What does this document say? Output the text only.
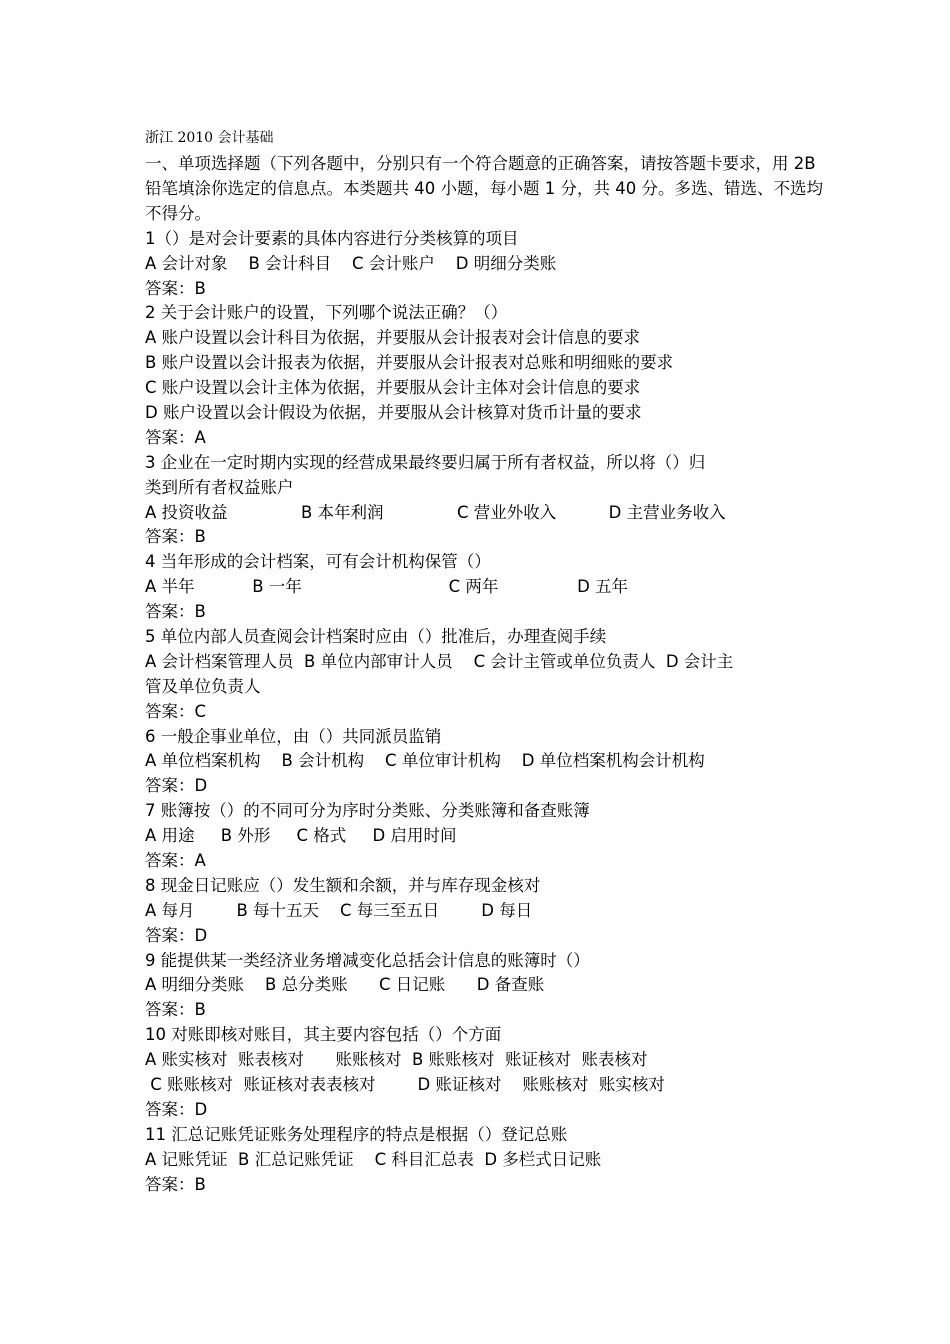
浙江 2010 会计基础
一、单项选择题（下列各题中，分别只有一个符合题意的正确答案，请按答题卡要求，用 2B 铅笔填涂你选定的信息点。本类题共 40 小题，每小题 1 分，共 40 分。多选、错选、不选均不得分。
1（）是对会计要素的具体内容进行分类核算的项目
A 会计对象    B 会计科目    C 会计账户    D 明细分类账
答案：B
2 关于会计账户的设置，下列哪个说法正确？（）
A 账户设置以会计科目为依据，并要服从会计报表对会计信息的要求
B 账户设置以会计报表为依据，并要服从会计报表对总账和明细账的要求
C 账户设置以会计主体为依据，并要服从会计主体对会计信息的要求
D 账户设置以会计假设为依据，并要服从会计核算对货币计量的要求
答案：A
3 企业在一定时期内实现的经营成果最终要归属于所有者权益，所以将（）归
类到所有者权益账户
A 投资收益              B 本年利润              C 营业外收入          D 主营业务收入
答案：B
4 当年形成的会计档案，可有会计机构保管（）
A 半年           B 一年                            C 两年               D 五年
答案：B
5 单位内部人员查阅会计档案时应由（）批准后，办理查阅手续
A 会计档案管理人员  B 单位内部审计人员    C 会计主管或单位负责人  D 会计主
管及单位负责人
答案：C
6 一般企事业单位，由（）共同派员监销
A 单位档案机构    B 会计机构    C 单位审计机构    D 单位档案机构会计机构
答案：D
7 账簿按（）的不同可分为序时分类账、分类账簿和备查账簿
A 用途     B 外形     C 格式     D 启用时间
答案：A
8 现金日记账应（）发生额和余额，并与库存现金核对
A 每月        B 每十五天    C 每三至五日        D 每日
答案：D
9 能提供某一类经济业务增减变化总括会计信息的账簿时（）
A 明细分类账    B 总分类账      C 日记账      D 备查账
答案：B
10 对账即核对账目，其主要内容包括（）个方面
A 账实核对  账表核对      账账核对  B 账账核对  账证核对  账表核对
C 账账核对  账证核对表表核对        D 账证核对    账账核对  账实核对
答案：D
11 汇总记账凭证账务处理程序的特点是根据（）登记总账
A 记账凭证  B 汇总记账凭证    C 科目汇总表  D 多栏式日记账
答案：B
